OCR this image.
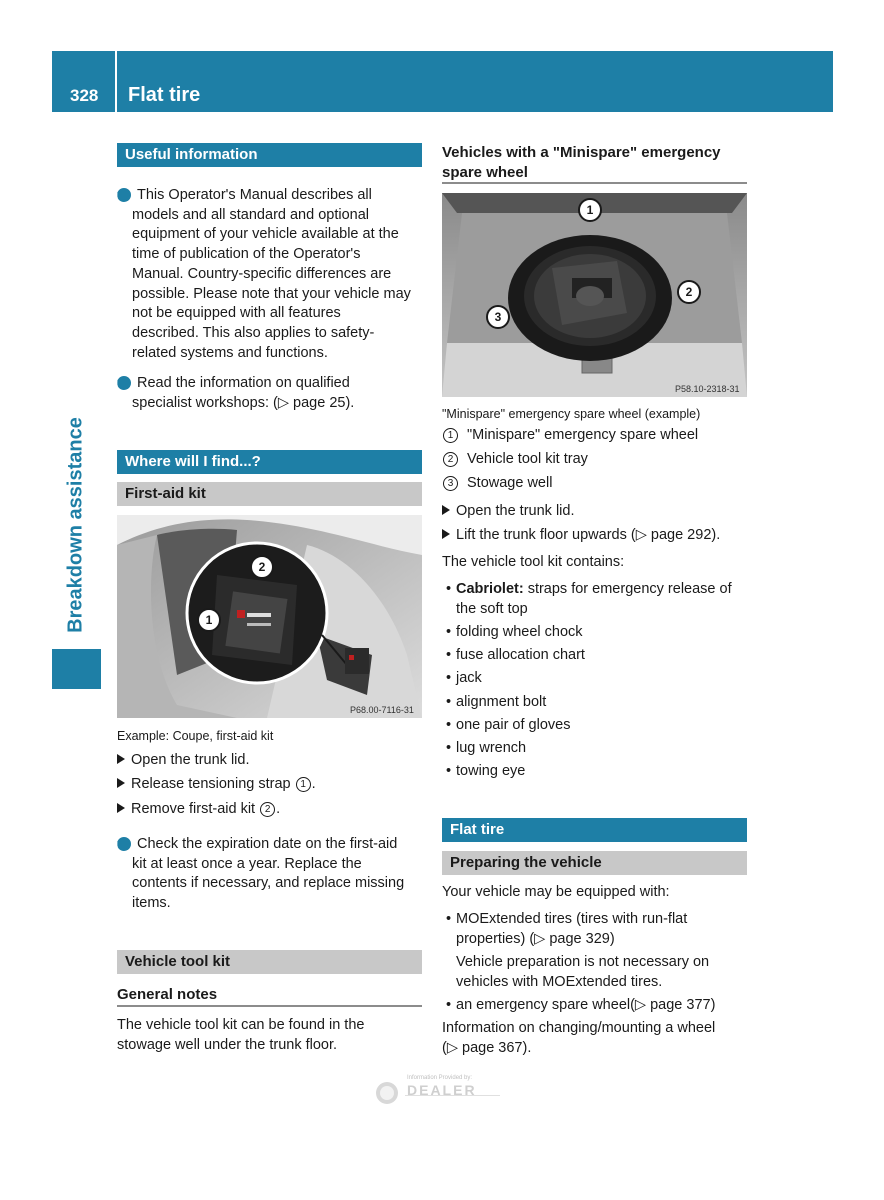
328 Flat tire
Breakdown assistance
Useful information
i This Operator's Manual describes all
models and all standard and optional
equipment of your vehicle available at the
time of publication of the Operator's
Manual. Country-specific differences are
possible. Please note that your vehicle may
not be equipped with all features
described. This also applies to safety-
related systems and functions.
i Read the information on qualified
specialist workshops: (▷ page 25).
Where will I find...?
First-aid kit
2
1
P68.00-7116-31
Example: Coupe, first-aid kit
Open the trunk lid.
Release tensioning strap 1 .
Remove first-aid kit 2 .
i Check the expiration date on the first-aid
kit at least once a year. Replace the
contents if necessary, and replace missing
items.
Vehicle tool kit
General notes
The vehicle tool kit can be found in the
stowage well under the trunk floor.
Vehicles with a "Minispare" emergency
spare wheel
1
2
3
P58.10-2318-31
"Minispare" emergency spare wheel (example)
1 "Minispare" emergency spare wheel
2 Vehicle tool kit tray
3 Stowage well
Open the trunk lid.
Lift the trunk floor upwards (▷ page 292).
The vehicle tool kit contains:
• Cabriolet: straps for emergency release of
the soft top
• folding wheel chock
• fuse allocation chart
• jack
• alignment bolt
• one pair of gloves
• lug wrench
• towing eye
Flat tire
Preparing the vehicle
Your vehicle may be equipped with:
• MOExtended tires (tires with run-flat
properties) (▷ page 329)
Vehicle preparation is not necessary on
vehicles with MOExtended tires.
• an emergency spare wheel(▷ page 377)
Information on changing/mounting a wheel
(▷ page 367).
Information Provided by:
DEALER
